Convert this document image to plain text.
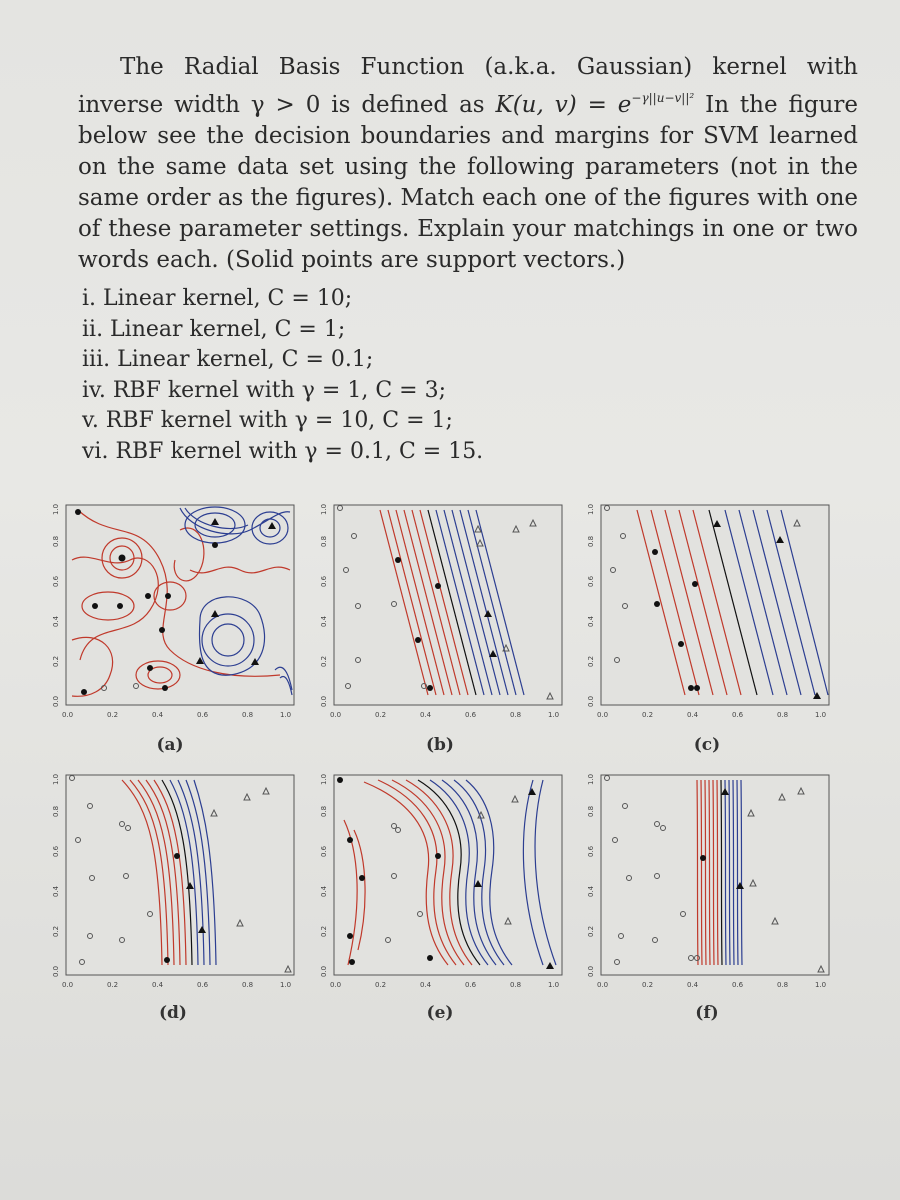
The Radial Basis Function (a.k.a. Gaussian) kernel with inverse width γ > 0 is defined as K(u, $v) = e^{-\gamma||u-v||^2}$ In the figure below see the decision boundaries and margins for SVM learned on the same data set using the following parameters (not in the same order as the figures). Match each one of the figures with one of these parameter settings. Explain your matchings in one or two words each. (Solid points are support vectors.)

i. Linear kernel, C = 10;
ii. Linear kernel, C = 1;
iii. Linear kernel, C = 0.1;
iv. RBF kernel with γ = 1, C = 3;
v. RBF kernel with γ = 10, C = 1;
vi. RBF kernel with γ = 0.1, C = 15.
0.0	0.2	0.4	0.6	0.8	1.0
0.0
0.2
0.4
0.6
0.8
1.0
(a)
0.0	0.2	0.4	0.6	0.8	1.0
0.0
0.2
0.4
0.6
0.8
1.0
(b)
0.0	0.2	0.4	0.6	0.8	1.0
0.0
0.2
0.4
0.6
0.8
1.0
(c)
0.0	0.2	0.4	0.6	0.8	1.0
0.0
0.2
0.4
0.6
0.8
1.0
(d)
0.0	0.2	0.4	0.6	0.8	1.0
0.0
0.2
0.4
0.6
0.8
1.0
(e)
0.0	0.2	0.4	0.6	0.8	1.0
0.0
0.2
0.4
0.6
0.8
1.0
(f)
